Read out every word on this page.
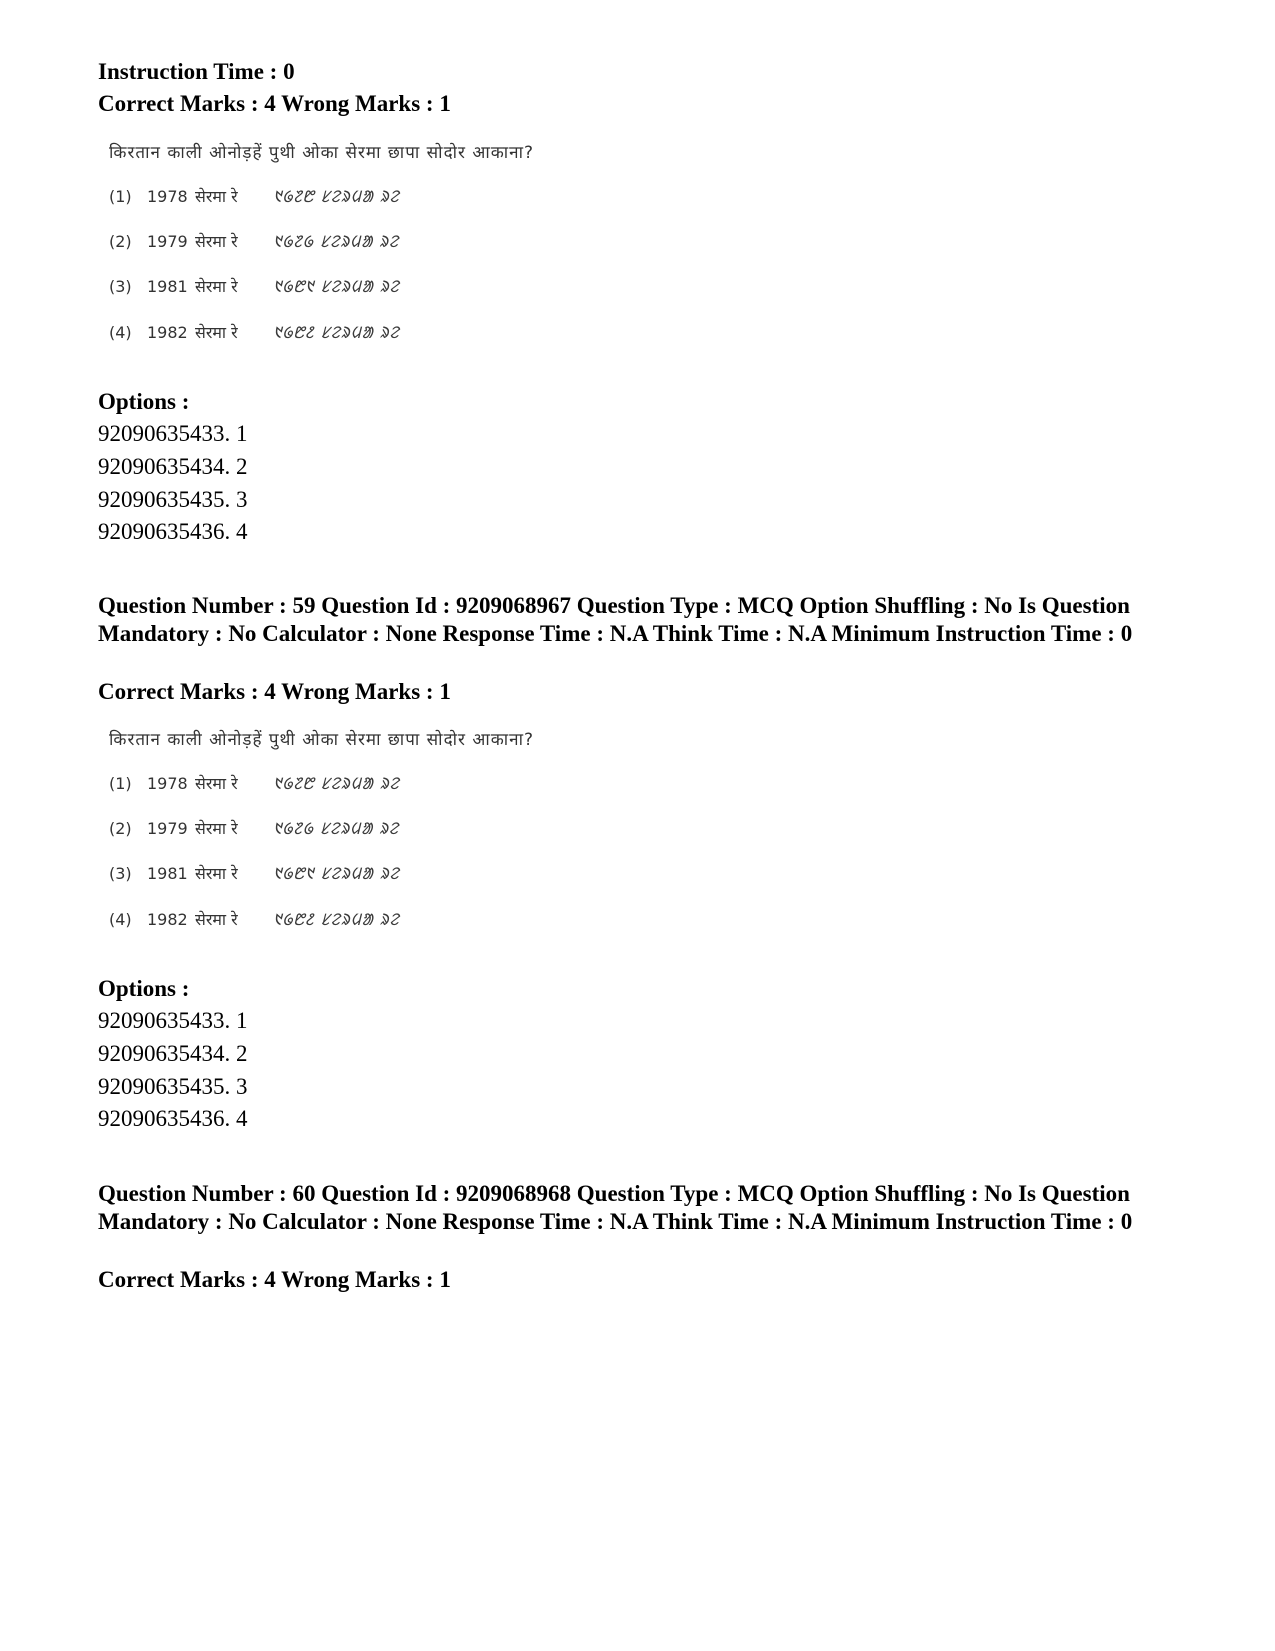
Instruction Time : 0
Correct Marks : 4 Wrong Marks : 1
किरतान काली ओनोड़हें पुथी ओका सेरमा छापा सोदोर आकाना?
(1) 1978 सेरमा रे ᱑᱙᱗᱘ ᱥᱮᱨᱢᱟ ᱨᱮ
(2) 1979 सेरमा रे ᱑᱙᱗᱙ ᱥᱮᱨᱢᱟ ᱨᱮ
(3) 1981 सेरमा रे ᱑᱙᱘᱑ ᱥᱮᱨᱢᱟ ᱨᱮ
(4) 1982 सेरमा रे ᱑᱙᱘᱒ ᱥᱮᱨᱢᱟ ᱨᱮ
Options :
92090635433. 1
92090635434. 2
92090635435. 3
92090635436. 4
Question Number : 59 Question Id : 9209068967 Question Type : MCQ Option Shuffling : No Is Question Mandatory : No Calculator : None Response Time : N.A Think Time : N.A Minimum Instruction Time : 0
Correct Marks : 4 Wrong Marks : 1
किरतान काली ओनोड़हें पुथी ओका सेरमा छापा सोदोर आकाना?
(1) 1978 सेरमा रे ᱑᱙᱗᱘ ᱥᱮᱨᱢᱟ ᱨᱮ
(2) 1979 सेरमा रे ᱑᱙᱗᱙ ᱥᱮᱨᱢᱟ ᱨᱮ
(3) 1981 सेरमा रे ᱑᱙᱘᱑ ᱥᱮᱨᱢᱟ ᱨᱮ
(4) 1982 सेरमा रे ᱑᱙᱘᱒ ᱥᱮᱨᱢᱟ ᱨᱮ
Options :
92090635433. 1
92090635434. 2
92090635435. 3
92090635436. 4
Question Number : 60 Question Id : 9209068968 Question Type : MCQ Option Shuffling : No Is Question Mandatory : No Calculator : None Response Time : N.A Think Time : N.A Minimum Instruction Time : 0
Correct Marks : 4 Wrong Marks : 1
